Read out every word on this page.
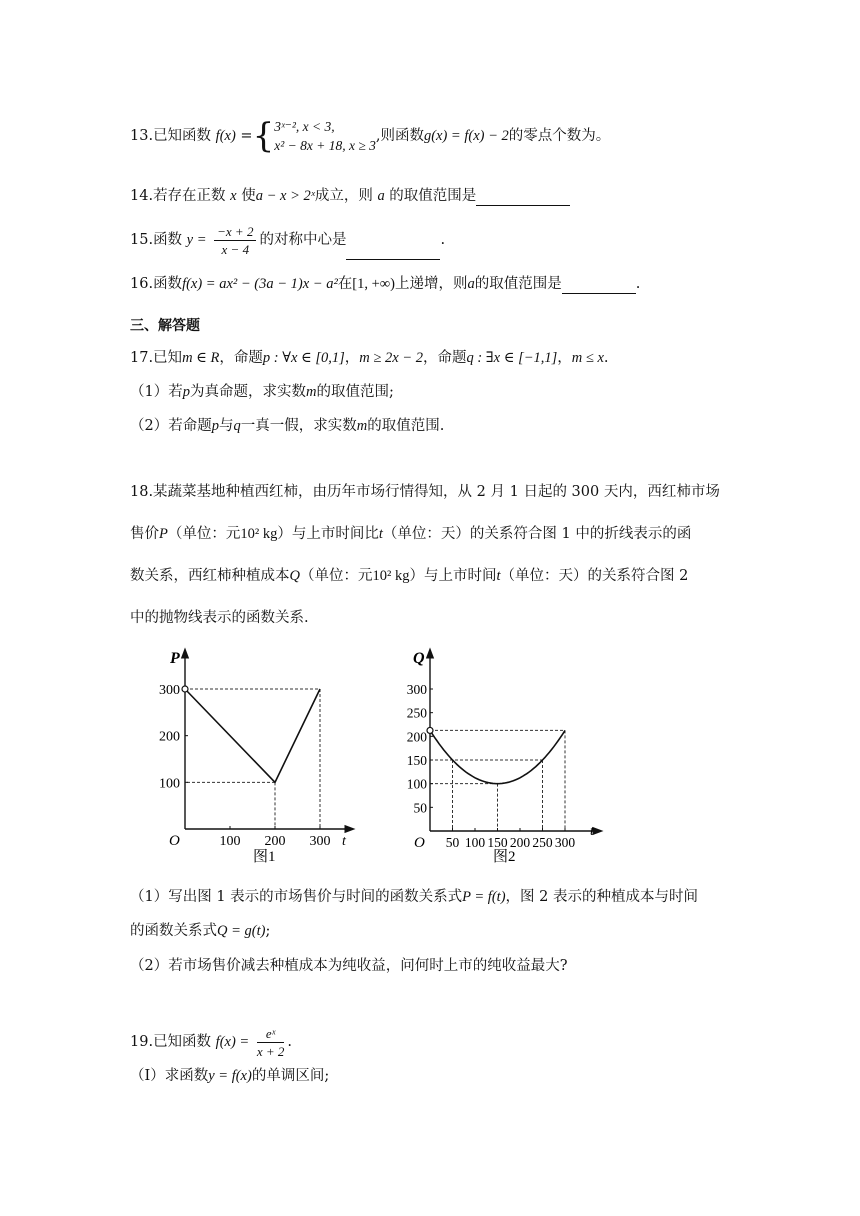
13.已知函数 f(x) ={ 3ˣ⁻², x < 3,
x² − 8x + 18, x ≥ 3
,则函数g(x) = f(x) − 2的零点个数为。
14.若存在正数 x 使a − x > 2ˣ成立，则 a 的取值范围是
15.函数 $y = \frac{-x + 2}{x - 4}$ 的对称中心是	.
16.函数f(x) = ax² − (3a − 1)x − a²在[1, +∞)上递增，则a的取值范围是	.
三、解答题
17.已知m ∈ R，命题p : ∀x ∈ [0,1]，m ≥ 2x − 2，命题q : ∃x ∈ [−1,1]，m ≤ x.
（1）若p为真命题，求实数m的取值范围;
（2）若命题p与q一真一假，求实数m的取值范围.
18.某蔬菜基地种植西红柿，由历年市场行情得知，从 2 月 1 日起的 300 天内，西红柿市场
售价P（单位：元10² kg）与上市时间比t（单位：天）的关系符合图 1 中的折线表示的函
数关系，西红柿种植成本Q（单位：元10² kg）与上市时间t（单位：天）的关系符合图 2
中的抛物线表示的函数关系.
P
t
O
100
200
300
100 200 300
图1
Q
t
O
50
100
150
200
250
300
50 100 150 200 250 300
图2
（1）写出图 1 表示的市场售价与时间的函数关系式P = f(t)，图 2 表示的种植成本与时间
的函数关系式Q = g(t);
（2）若市场售价减去种植成本为纯收益，问何时上市的纯收益最大?
19.已知函数 $f(x) = \frac{\text{eˣ}}{x + 2}$ .
（Ⅰ）求函数y = f(x)的单调区间;
